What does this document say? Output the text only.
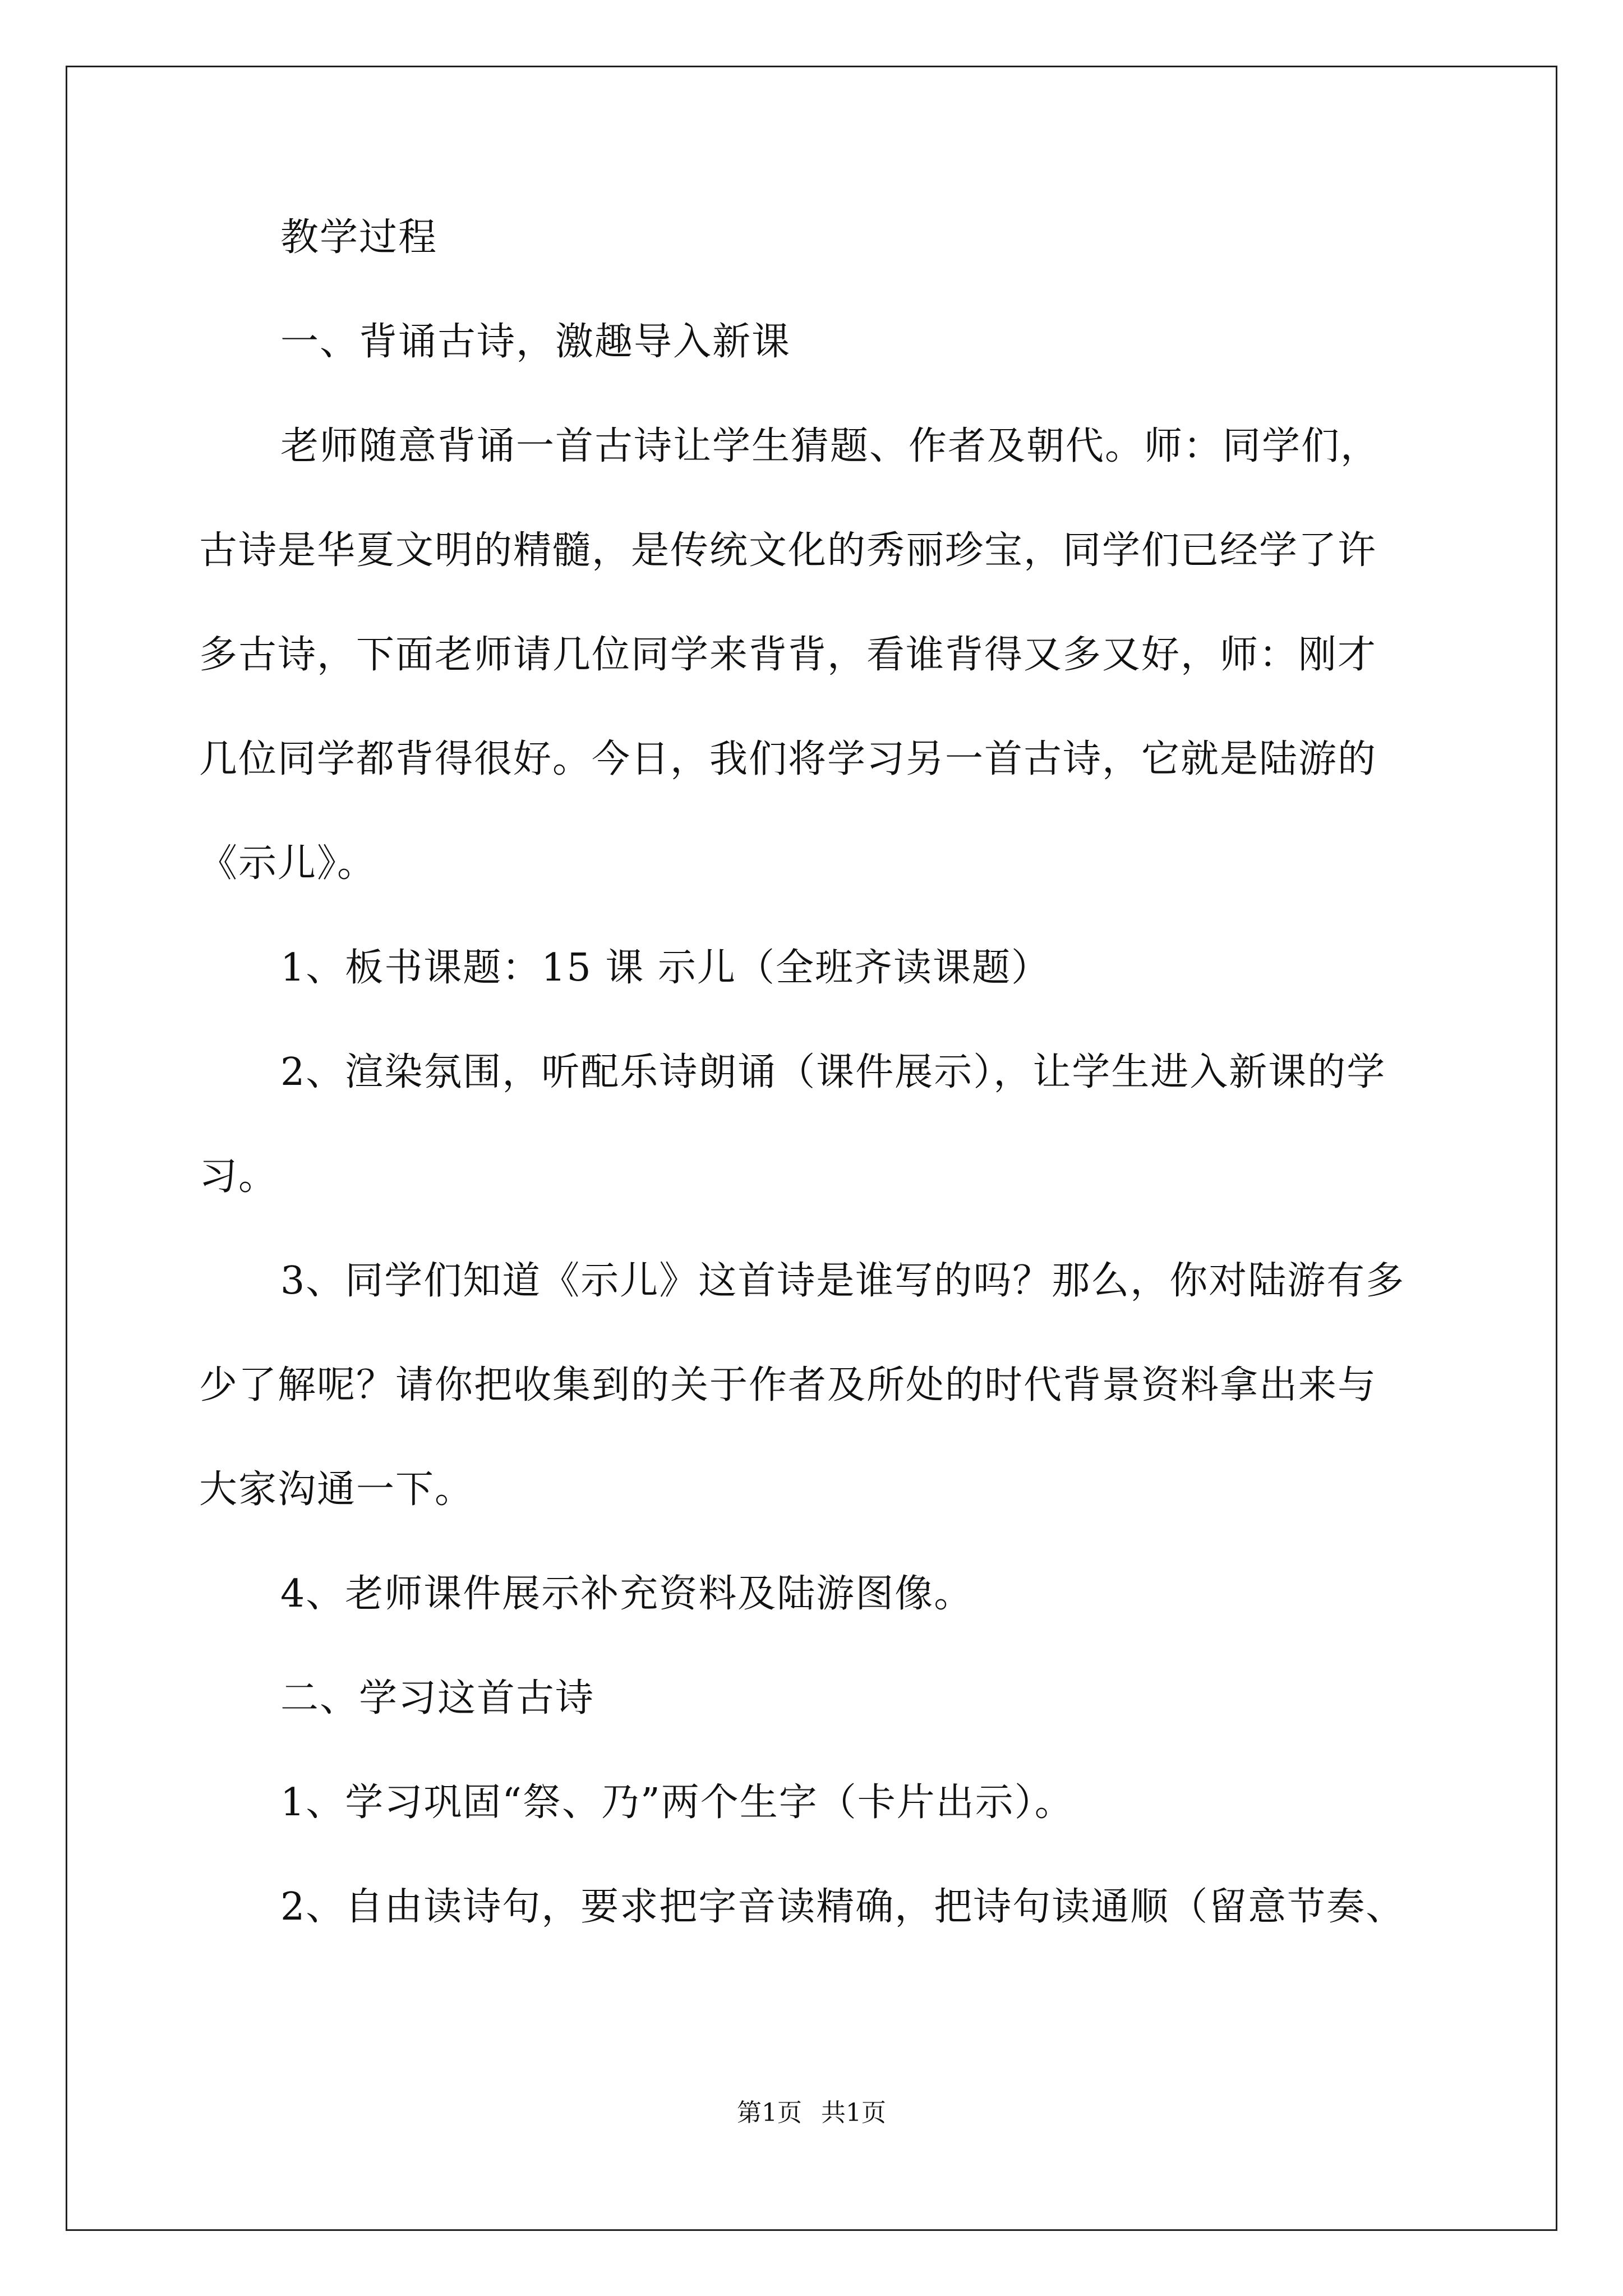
教学过程
一、背诵古诗，激趣导入新课
老师随意背诵一首古诗让学生猜题、作者及朝代。师：同学们，
古诗是华夏文明的精髓，是传统文化的秀丽珍宝，同学们已经学了许
多古诗，下面老师请几位同学来背背，看谁背得又多又好，师：刚才
几位同学都背得很好。今日，我们将学习另一首古诗，它就是陆游的
《示儿》。
1、板书课题：15 课 示儿（全班齐读课题）
2、渲染氛围，听配乐诗朗诵（课件展示），让学生进入新课的学
习。
3、同学们知道《示儿》这首诗是谁写的吗？那么，你对陆游有多
少了解呢？请你把收集到的关于作者及所处的时代背景资料拿出来与
大家沟通一下。
4、老师课件展示补充资料及陆游图像。
二、学习这首古诗
1、学习巩固“祭、乃”两个生字（卡片出示）。
2、自由读诗句，要求把字音读精确，把诗句读通顺（留意节奏、
第1页 共1页
